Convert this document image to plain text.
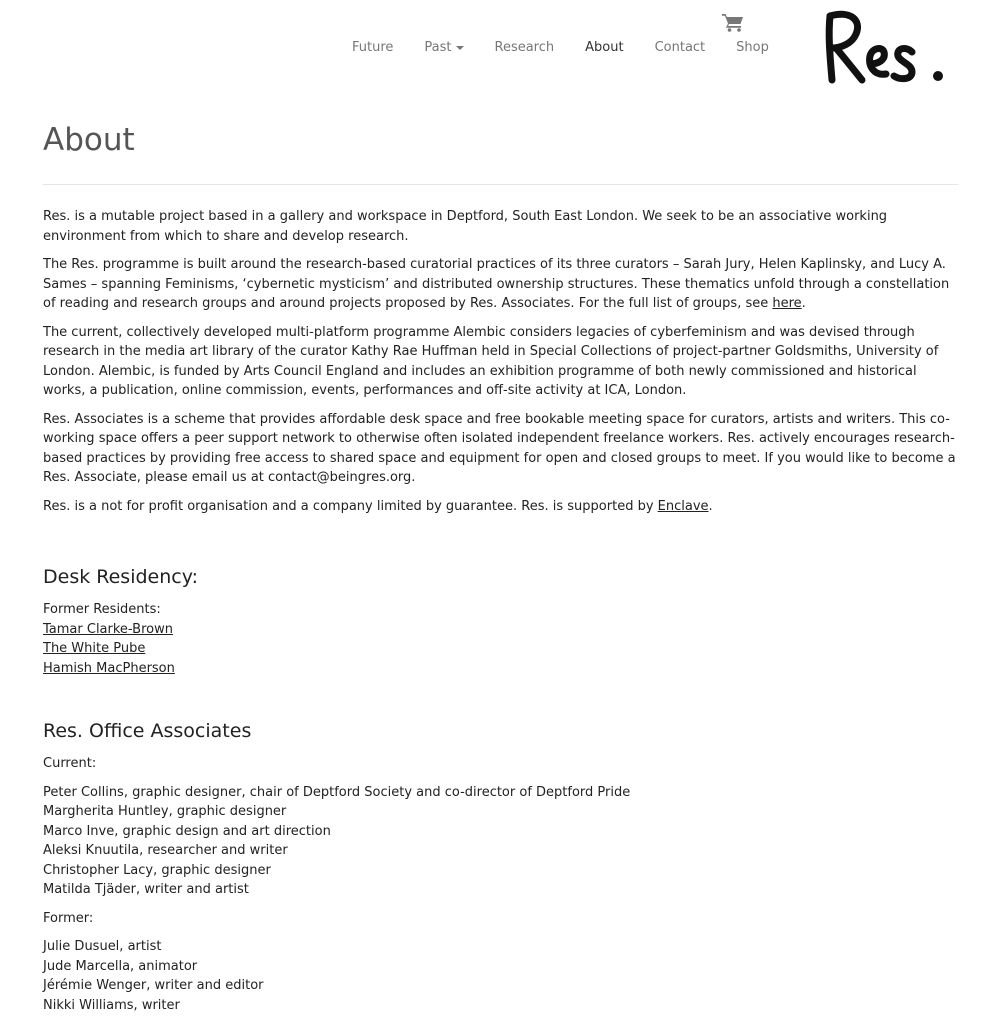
Future Past	Research About Contact Shop
About

Res. is a mutable project based in a gallery and workspace in Deptford, South East London. We seek to be an associative working environment from which to share and develop research.

The Res. programme is built around the research-based curatorial practices of its three curators – Sarah Jury, Helen Kaplinsky, and Lucy A. Sames – spanning Feminisms, ‘cybernetic mysticism’ and distributed ownership structures. These thematics unfold through a constellation of reading and research groups and around projects proposed by Res. Associates. For the full list of groups, see here.

The current, collectively developed multi-platform programme Alembic considers legacies of cyberfeminism and was devised through research in the media art library of the curator Kathy Rae Huffman held in Special Collections of project-partner Goldsmiths, University of London. Alembic, is funded by Arts Council England and includes an exhibition programme of both newly commissioned and historical works, a publication, online commission, events, performances and off-site activity at ICA, London.

Res. Associates is a scheme that provides affordable desk space and free bookable meeting space for curators, artists and writers. This co-working space offers a peer support network to otherwise often isolated independent freelance workers. Res. actively encourages research-based practices by providing free access to shared space and equipment for open and closed groups to meet. If you would like to become a Res. Associate, please email us at contact@beingres.org.

Res. is a not for profit organisation and a company limited by guarantee. Res. is supported by Enclave.

Desk Residency:
Former Residents:
Tamar Clarke-Brown
The White Pube
Hamish MacPherson
Res. Office Associates

Current:

Peter Collins, graphic designer, chair of Deptford Society and co-director of Deptford Pride
Margherita Huntley, graphic designer
Marco Inve, graphic design and art direction
Aleksi Knuutila, researcher and writer
Christopher Lacy, graphic designer
Matilda Tjäder, writer and artist

Former:

Julie Dusuel, artist
Jude Marcella, animator
Jérémie Wenger, writer and editor
Nikki Williams, writer
